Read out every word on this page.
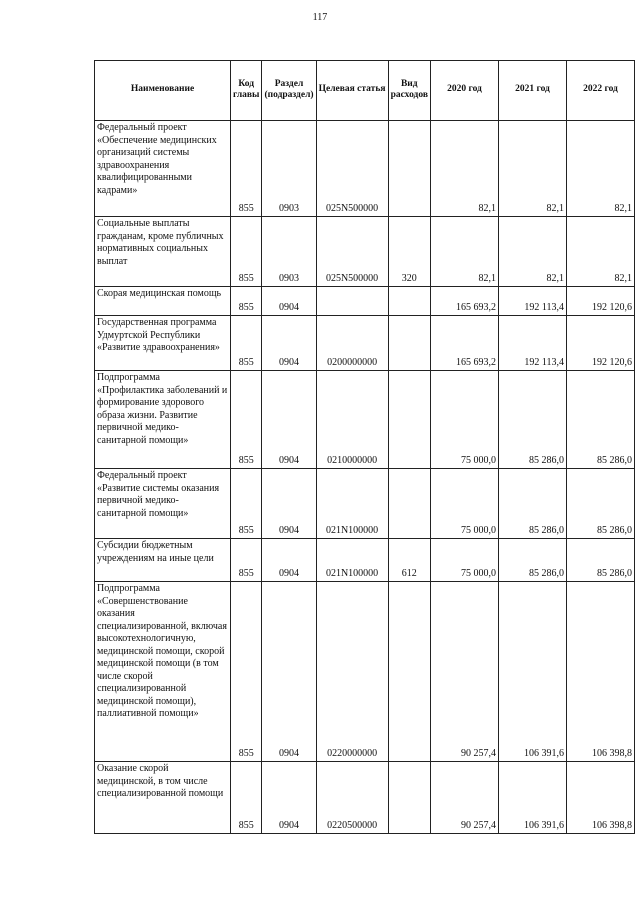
117
Наименование	Код главы	Раздел (подраздел)	Целевая статья	Вид расходов	2020 год	2021 год	2022 год
Федеральный проект «Обеспечение медицинских организаций системы здравоохранения квалифицированными кадрами»	855	0903	025N500000		82,1	82,1	82,1
Социальные выплаты гражданам, кроме публичных нормативных социальных выплат	855	0903	025N500000	320	82,1	82,1	82,1
Скорая медицинская помощь	855	0904			165 693,2	192 113,4	192 120,6
Государственная программа Удмуртской Республики «Развитие здравоохранения»	855	0904	0200000000		165 693,2	192 113,4	192 120,6
Подпрограмма «Профилактика заболеваний и формирование здорового образа жизни. Развитие первичной медико-санитарной помощи»	855	0904	0210000000		75 000,0	85 286,0	85 286,0
Федеральный проект «Развитие системы оказания первичной медико-санитарной помощи»	855	0904	021N100000		75 000,0	85 286,0	85 286,0
Субсидии бюджетным учреждениям на иные цели	855	0904	021N100000	612	75 000,0	85 286,0	85 286,0
Подпрограмма «Совершенствование оказания специализированной, включая высокотехнологичную, медицинской помощи, скорой медицинской помощи (в том числе скорой специализированной медицинской помощи), паллиативной помощи»	855	0904	0220000000		90 257,4	106 391,6	106 398,8
Оказание скорой медицинской, в том числе специализированной помощи	855	0904	0220500000		90 257,4	106 391,6	106 398,8
